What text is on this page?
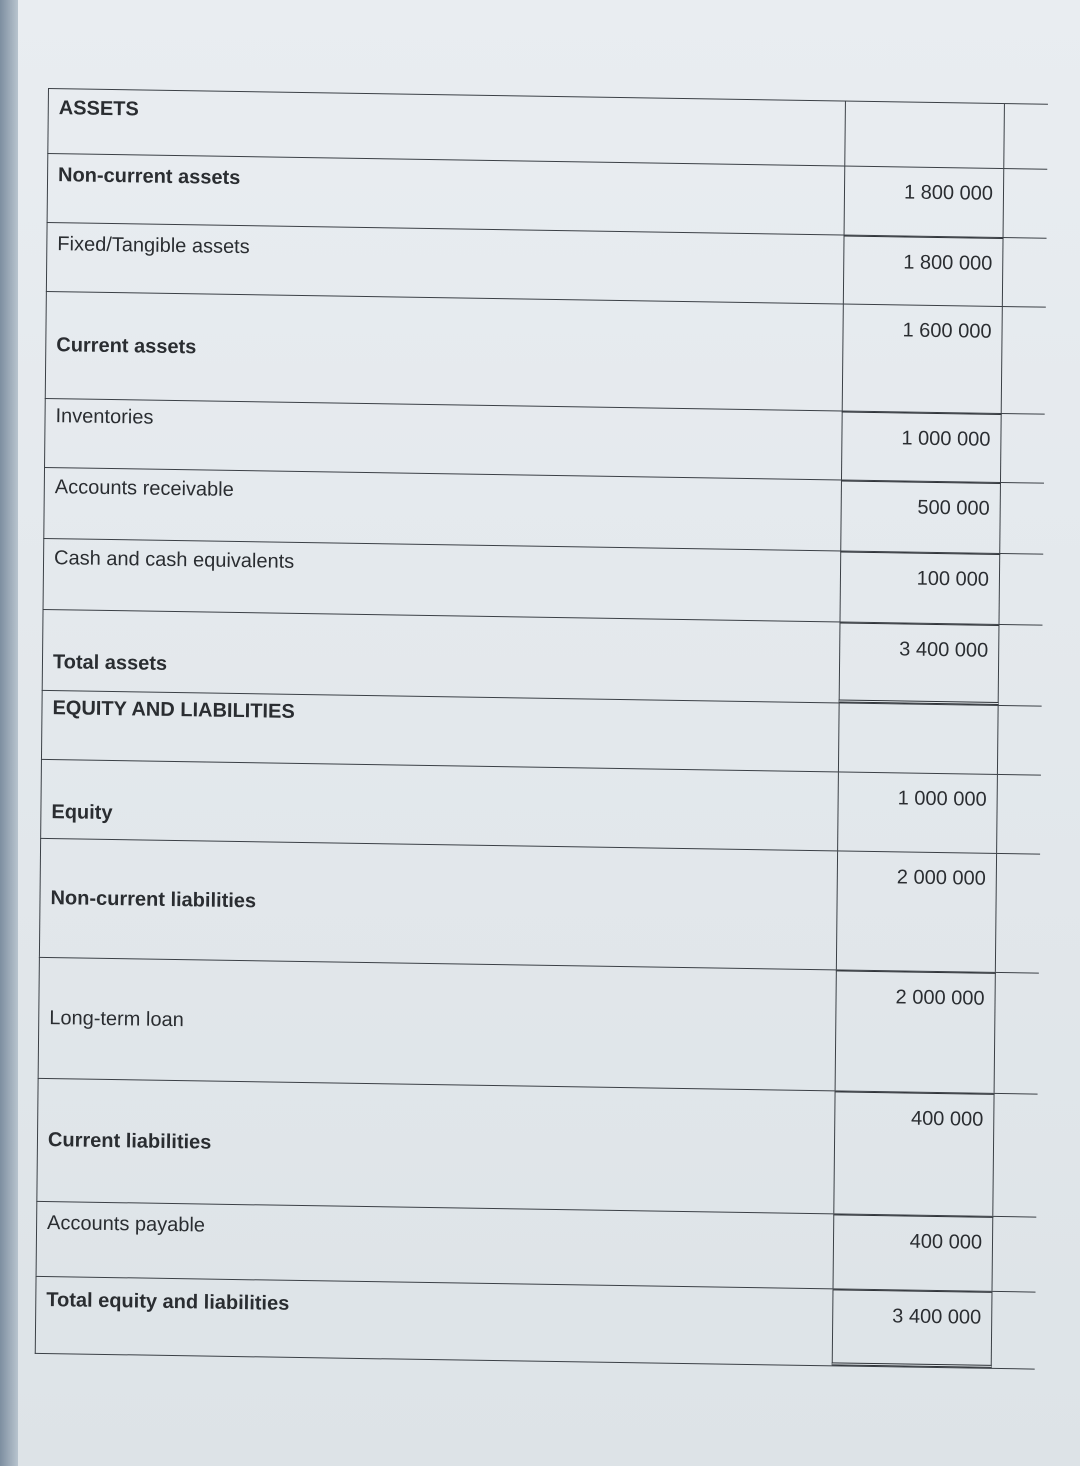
ASSETS
Non-current assets
1 800 000
Fixed/Tangible assets
1 800 000
Current assets
1 600 000
Inventories
1 000 000
Accounts receivable
500 000
Cash and cash equivalents
100 000
Total assets
3 400 000
EQUITY AND LIABILITIES
Equity
1 000 000
Non-current liabilities
2 000 000
Long-term loan
2 000 000
Current liabilities
400 000
Accounts payable
400 000
Total equity and liabilities
3 400 000
